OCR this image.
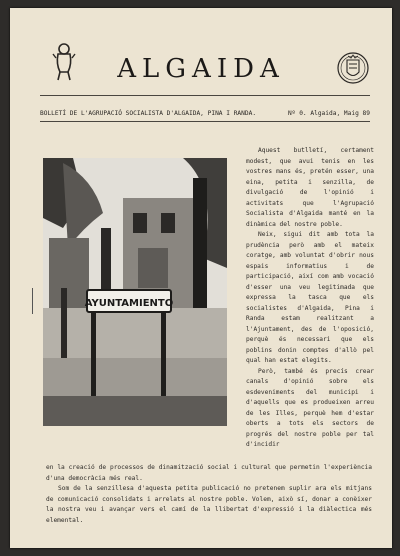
ALGAIDA
BOLLETÍ DE L'AGRUPACIÓ SOCIALISTA D'ALGAIDA, PINA I RANDA.	Nº 0. Algaida, Maig 89
AYUNTAMIENTO

Aquest butlletí, certament modest, que avui tenis en les vostres mans és, pretén esser, una eina, petita i senzilla, de divulgació de l'opinió i activitats que l'Agrupació Socialista d'Algaida manté en la dinàmica del nostre poble.

Neix, sigui dit amb tota la prudència però amb el mateix coratge, amb voluntat d'obrir nous espais informatius i de participació, així com amb vocació d'esser una veu legitimada que expressa la tasca que els socialistes d'Algaida, Pina i Randa estam realitzant a l'Ajuntament, des de l'oposició, perquè és necessari que els poblins donin comptes d'allò pel qual han estat elegits.

Però, també és precís crear canals d'opinió sobre els esdeveniments del municipi i d'aquells que es produeixen arreu de les Illes, perquè hem d'estar oberts a tots els sectors de progrés del nostre poble per tal d'incidir

en la creació de processos de dinamització social i cultural que permetin l'experiència d'una democràcia més real.

Som de la senzillesa d'aquesta petita publicació no pretenem suplir ara els mitjans de comunicació consolidats i arrelats al nostre poble. Volem, això sí, donar a conèixer la nostra veu i avançar vers el camí de la llibertat d'expressió i la diàlectica més elemental.
